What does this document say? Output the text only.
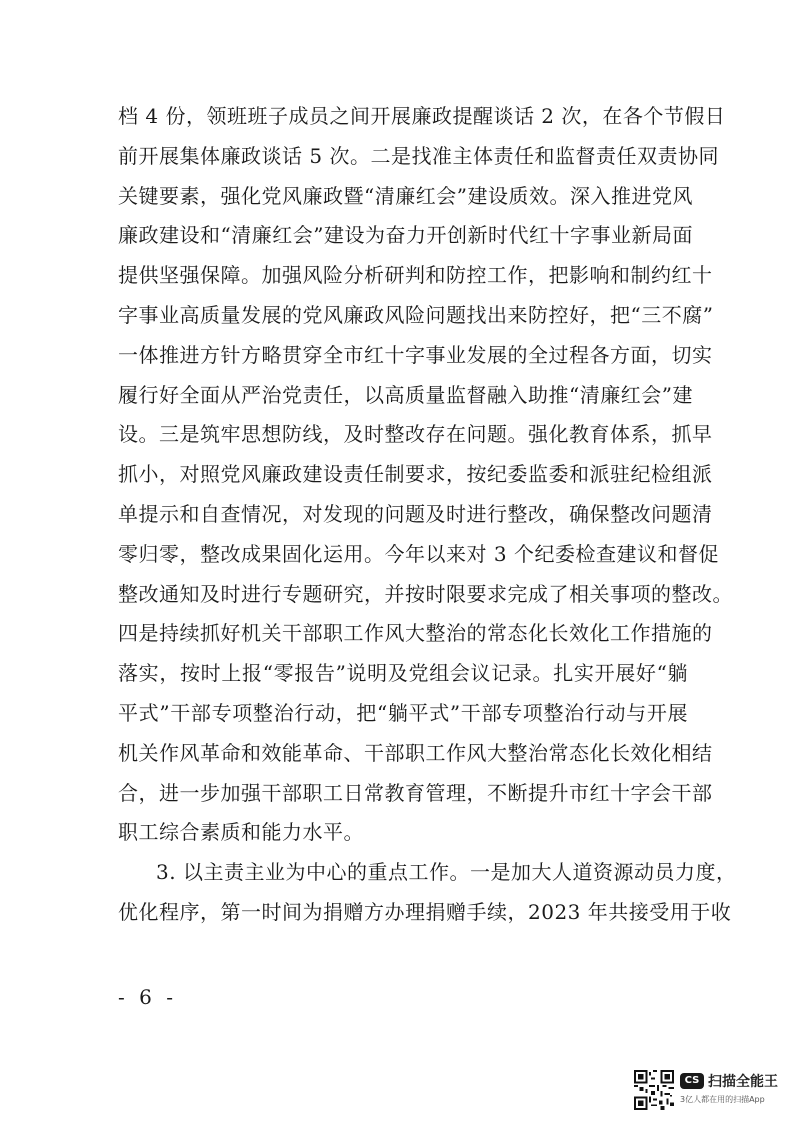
档 4 份，领班班子成员之间开展廉政提醒谈话 2 次，在各个节假日
前开展集体廉政谈话 5 次。二是找准主体责任和监督责任双责协同
关键要素，强化党风廉政暨“清廉红会”建设质效。深入推进党风
廉政建设和“清廉红会”建设为奋力开创新时代红十字事业新局面
提供坚强保障。加强风险分析研判和防控工作，把影响和制约红十
字事业高质量发展的党风廉政风险问题找出来防控好，把“三不腐”
一体推进方针方略贯穿全市红十字事业发展的全过程各方面，切实
履行好全面从严治党责任，以高质量监督融入助推“清廉红会”建
设。三是筑牢思想防线，及时整改存在问题。强化教育体系，抓早
抓小，对照党风廉政建设责任制要求，按纪委监委和派驻纪检组派
单提示和自查情况，对发现的问题及时进行整改，确保整改问题清
零归零，整改成果固化运用。今年以来对 3 个纪委检查建议和督促
整改通知及时进行专题研究，并按时限要求完成了相关事项的整改。
四是持续抓好机关干部职工作风大整治的常态化长效化工作措施的
落实，按时上报“零报告”说明及党组会议记录。扎实开展好“躺
平式”干部专项整治行动，把“躺平式”干部专项整治行动与开展
机关作风革命和效能革命、干部职工作风大整治常态化长效化相结
合，进一步加强干部职工日常教育管理，不断提升市红十字会干部
职工综合素质和能力水平。
3. 以主责主业为中心的重点工作。一是加大人道资源动员力度，
优化程序，第一时间为捐赠方办理捐赠手续，2023 年共接受用于收
- 6 -
CS 扫描全能王
3亿人都在用的扫描App
